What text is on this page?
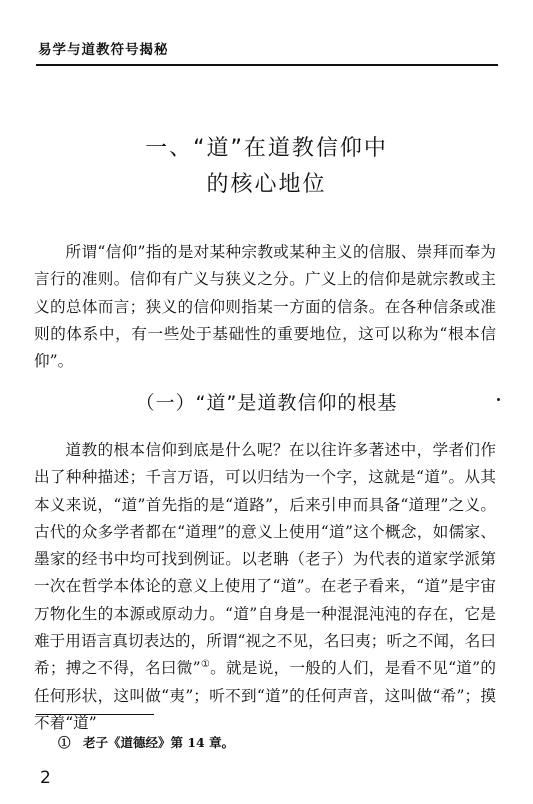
易学与道教符号揭秘
一、“道”在道教信仰中
的核心地位

所谓“信仰”指的是对某种宗教或某种主义的信服、崇拜而奉为言行的准则。信仰有广义与狭义之分。广义上的信仰是就宗教或主义的总体而言；狭义的信仰则指某一方面的信条。在各种信条或准则的体系中，有一些处于基础性的重要地位，这可以称为“根本信仰”。

（一）“道”是道教信仰的根基

道教的根本信仰到底是什么呢？在以往许多著述中，学者们作出了种种描述；千言万语，可以归结为一个字，这就是“道”。从其本义来说，“道”首先指的是“道路”，后来引申而具备“道理”之义。古代的众多学者都在“道理”的意义上使用“道”这个概念，如儒家、墨家的经书中均可找到例证。以老聃（老子）为代表的道家学派第一次在哲学本体论的意义上使用了“道”。在老子看来，“道”是宇宙万物化生的本源或原动力。“道”自身是一种混混沌沌的存在，它是难于用语言真切表达的，所谓“视之不见，名曰夷；听之不闻，名曰希；搏之不得，名曰微”①。就是说，一般的人们，是看不见“道”的任何形状，这叫做“夷”；听不到“道”的任何声音，这叫做“希”；摸不着“道”

①　老子《道德经》第 14 章。
2
